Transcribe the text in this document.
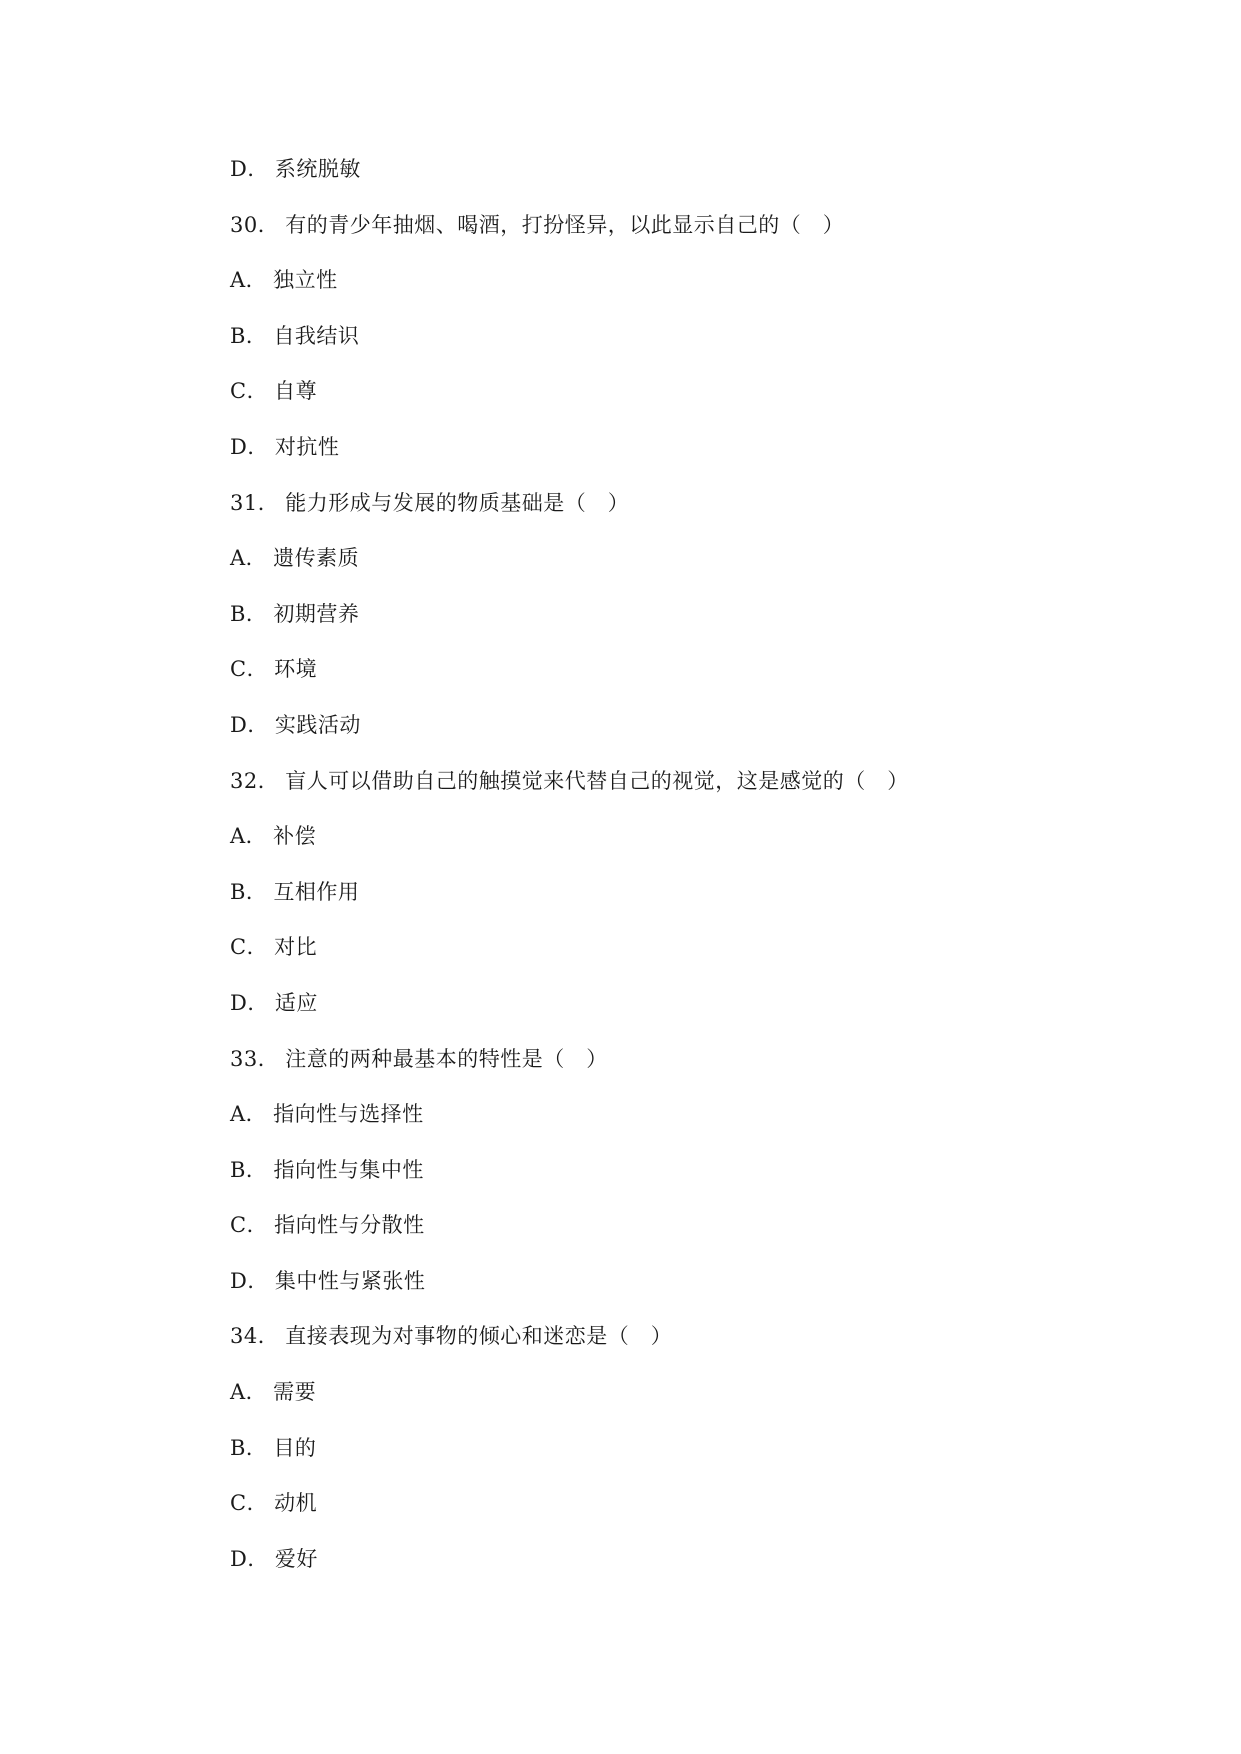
D． 系统脱敏
30． 有的青少年抽烟、喝酒，打扮怪异，以此显示自己的（　）
A． 独立性
B． 自我结识
C． 自尊
D． 对抗性
31． 能力形成与发展的物质基础是（　）
A． 遗传素质
B． 初期营养
C． 环境
D． 实践活动
32． 盲人可以借助自己的触摸觉来代替自己的视觉，这是感觉的（　）
A． 补偿
B． 互相作用
C． 对比
D． 适应
33． 注意的两种最基本的特性是（　）
A． 指向性与选择性
B． 指向性与集中性
C． 指向性与分散性
D． 集中性与紧张性
34． 直接表现为对事物的倾心和迷恋是（　）
A． 需要
B． 目的
C． 动机
D． 爱好
